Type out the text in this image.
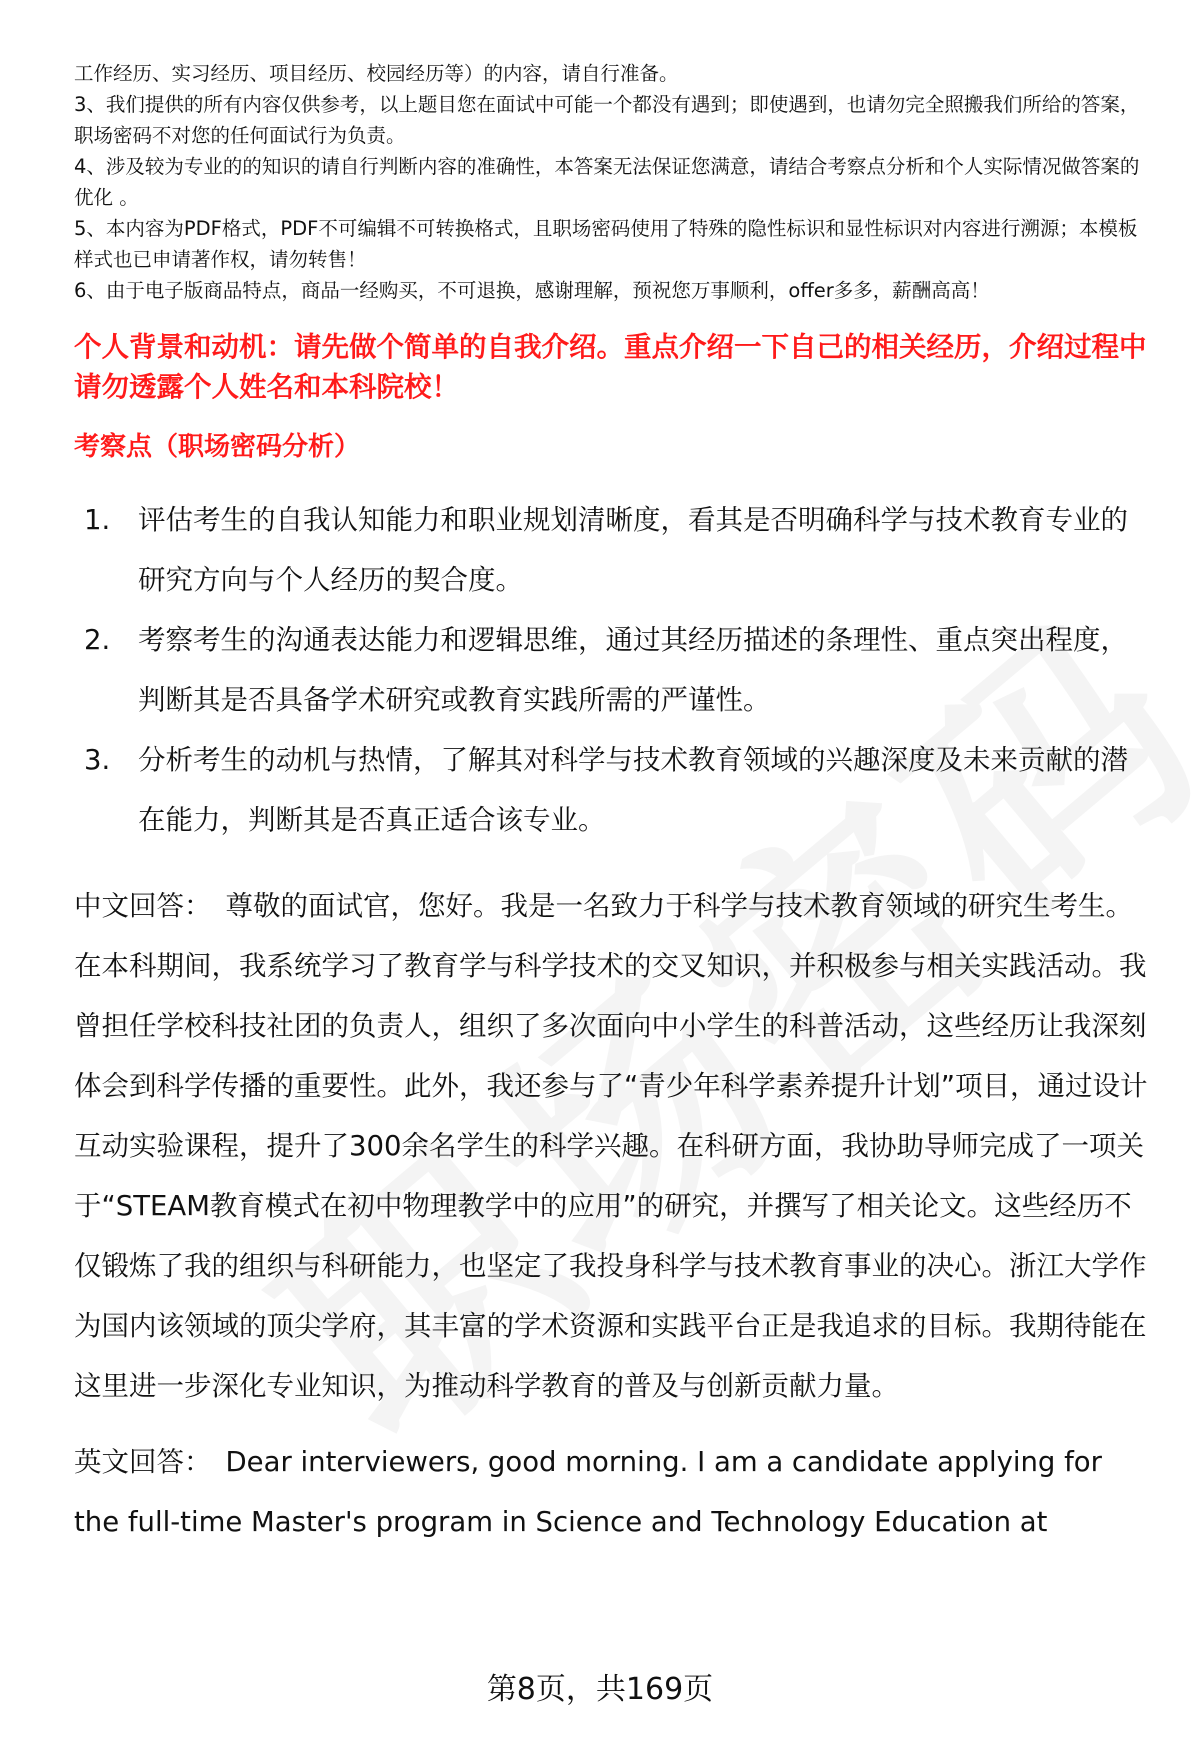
工作经历、实习经历、项目经历、校园经历等）的内容，请自行准备。

3、我们提供的所有内容仅供参考，以上题目您在面试中可能一个都没有遇到；即使遇到，也请勿完全照搬我们所给的答案，职场密码不对您的任何面试行为负责。

4、涉及较为专业的的知识的请自行判断内容的准确性，本答案无法保证您满意，请结合考察点分析和个人实际情况做答案的优化 。

5、本内容为PDF格式，PDF不可编辑不可转换格式，且职场密码使用了特殊的隐性标识和显性标识对内容进行溯源；本模板样式也已申请著作权，请勿转售！

6、由于电子版商品特点，商品一经购买，不可退换，感谢理解，预祝您万事顺利，offer多多，薪酬高高！

个人背景和动机：请先做个简单的自我介绍。重点介绍一下自己的相关经历，介绍过程中请勿透露个人姓名和本科院校！
考察点（职场密码分析）
1.	评估考生的自我认知能力和职业规划清晰度，看其是否明确科学与技术教育专业的研究方向与个人经历的契合度。
2.	考察考生的沟通表达能力和逻辑思维，通过其经历描述的条理性、重点突出程度，判断其是否具备学术研究或教育实践所需的严谨性。
3.	分析考生的动机与热情，了解其对科学与技术教育领域的兴趣深度及未来贡献的潜在能力，判断其是否真正适合该专业。

中文回答： 尊敬的面试官，您好。我是一名致力于科学与技术教育领域的研究生考生。在本科期间，我系统学习了教育学与科学技术的交叉知识，并积极参与相关实践活动。我曾担任学校科技社团的负责人，组织了多次面向中小学生的科普活动，这些经历让我深刻体会到科学传播的重要性。此外，我还参与了“青少年科学素养提升计划”项目，通过设计互动实验课程，提升了300余名学生的科学兴趣。在科研方面，我协助导师完成了一项关于“STEAM教育模式在初中物理教学中的应用”的研究，并撰写了相关论文。这些经历不仅锻炼了我的组织与科研能力，也坚定了我投身科学与技术教育事业的决心。浙江大学作为国内该领域的顶尖学府，其丰富的学术资源和实践平台正是我追求的目标。我期待能在这里进一步深化专业知识，为推动科学教育的普及与创新贡献力量。

英文回答： Dear interviewers, good morning. I am a candidate applying for the full-time Master's program in Science and Technology Education at

第8页，共169页
